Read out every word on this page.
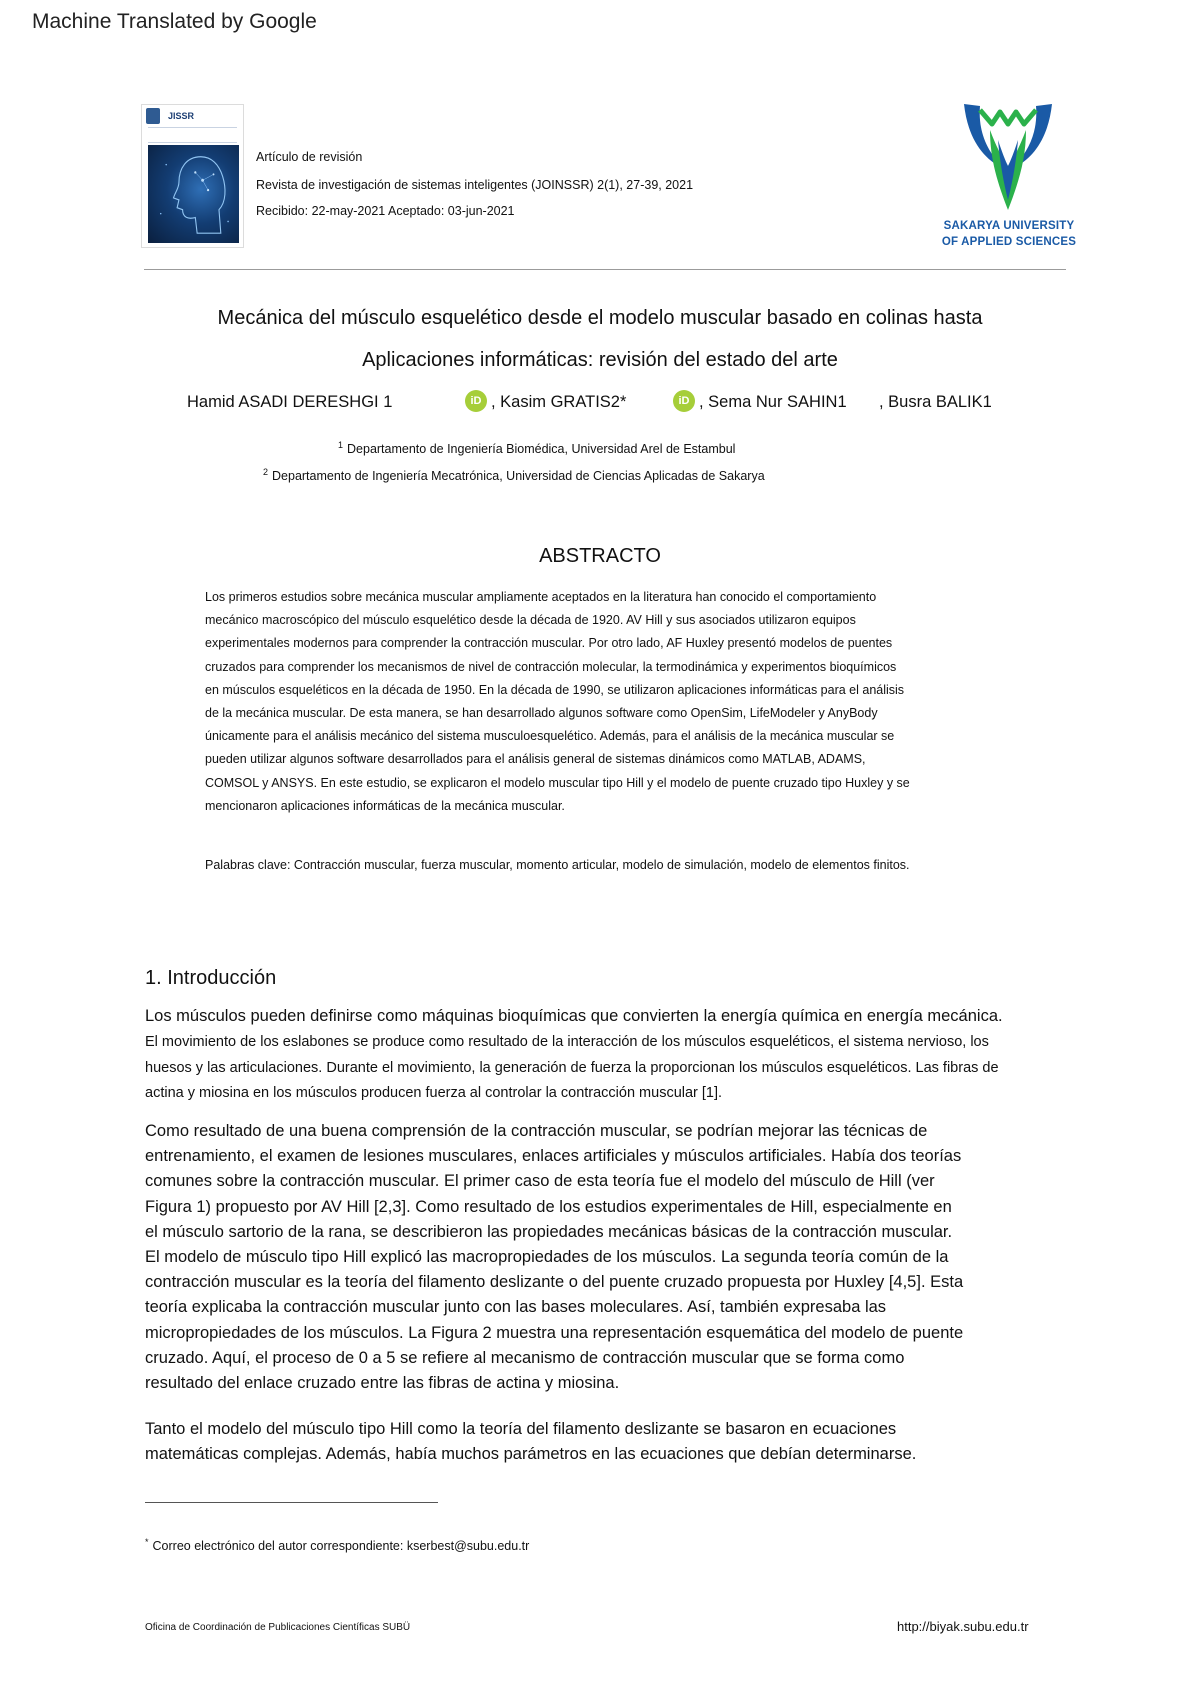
Machine Translated by Google
JISSR
Artículo de revisión
Revista de investigación de sistemas inteligentes (JOINSSR) 2(1), 27-39, 2021
Recibido: 22-may-2021 Aceptado: 03-jun-2021
SAKARYA UNIVERSITY
OF APPLIED SCIENCES
Mecánica del músculo esquelético desde el modelo muscular basado en colinas hasta
Aplicaciones informáticas: revisión del estado del arte
Hamid ASADI DERESHGI 1	iD , Kasim GRATIS2*	iD , Sema Nur SAHIN1 , Busra BALIK1
$^1$ Departamento de Ingeniería Biomédica, Universidad Arel de Estambul
$^2$ Departamento de Ingeniería Mecatrónica, Universidad de Ciencias Aplicadas de Sakarya
ABSTRACTO
Los primeros estudios sobre mecánica muscular ampliamente aceptados en la literatura han conocido el comportamiento
mecánico macroscópico del músculo esquelético desde la década de 1920. AV Hill y sus asociados utilizaron equipos
experimentales modernos para comprender la contracción muscular. Por otro lado, AF Huxley presentó modelos de puentes
cruzados para comprender los mecanismos de nivel de contracción molecular, la termodinámica y experimentos bioquímicos
en músculos esqueléticos en la década de 1950. En la década de 1990, se utilizaron aplicaciones informáticas para el análisis
de la mecánica muscular. De esta manera, se han desarrollado algunos software como OpenSim, LifeModeler y AnyBody
únicamente para el análisis mecánico del sistema musculoesquelético. Además, para el análisis de la mecánica muscular se
pueden utilizar algunos software desarrollados para el análisis general de sistemas dinámicos como MATLAB, ADAMS,
COMSOL y ANSYS. En este estudio, se explicaron el modelo muscular tipo Hill y el modelo de puente cruzado tipo Huxley y se
mencionaron aplicaciones informáticas de la mecánica muscular.
Palabras clave: Contracción muscular, fuerza muscular, momento articular, modelo de simulación, modelo de elementos finitos.
1. Introducción
Los músculos pueden definirse como máquinas bioquímicas que convierten la energía química en energía mecánica.
El movimiento de los eslabones se produce como resultado de la interacción de los músculos esqueléticos, el sistema nervioso, los
huesos y las articulaciones. Durante el movimiento, la generación de fuerza la proporcionan los músculos esqueléticos. Las fibras de
actina y miosina en los músculos producen fuerza al controlar la contracción muscular [1].
Como resultado de una buena comprensión de la contracción muscular, se podrían mejorar las técnicas de
entrenamiento, el examen de lesiones musculares, enlaces artificiales y músculos artificiales. Había dos teorías
comunes sobre la contracción muscular. El primer caso de esta teoría fue el modelo del músculo de Hill (ver
Figura 1) propuesto por AV Hill [2,3]. Como resultado de los estudios experimentales de Hill, especialmente en
el músculo sartorio de la rana, se describieron las propiedades mecánicas básicas de la contracción muscular.
El modelo de músculo tipo Hill explicó las macropropiedades de los músculos. La segunda teoría común de la
contracción muscular es la teoría del filamento deslizante o del puente cruzado propuesta por Huxley [4,5]. Esta
teoría explicaba la contracción muscular junto con las bases moleculares. Así, también expresaba las
micropropiedades de los músculos. La Figura 2 muestra una representación esquemática del modelo de puente
cruzado. Aquí, el proceso de 0 a 5 se refiere al mecanismo de contracción muscular que se forma como
resultado del enlace cruzado entre las fibras de actina y miosina.
Tanto el modelo del músculo tipo Hill como la teoría del filamento deslizante se basaron en ecuaciones
matemáticas complejas. Además, había muchos parámetros en las ecuaciones que debían determinarse.
* Correo electrónico del autor correspondiente: kserbest@subu.edu.tr
Oficina de Coordinación de Publicaciones Científicas SUBÜ	http://biyak.subu.edu.tr
